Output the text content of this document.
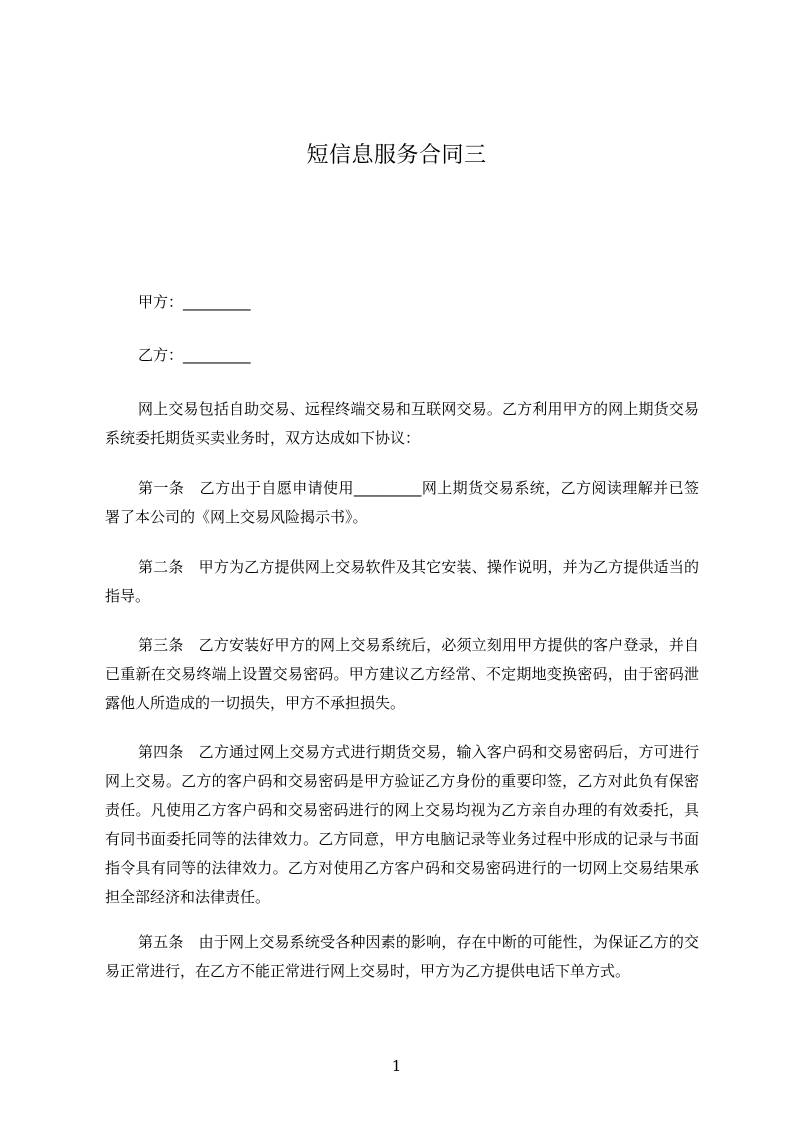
短信息服务合同三
甲方：_________
乙方：_________
网上交易包括自助交易、远程终端交易和互联网交易。乙方利用甲方的网上期货交易系统委托期货买卖业务时，双方达成如下协议：
第一条　乙方出于自愿申请使用_________网上期货交易系统，乙方阅读理解并已签署了本公司的《网上交易风险揭示书》。
第二条　甲方为乙方提供网上交易软件及其它安装、操作说明，并为乙方提供适当的指导。
第三条　乙方安装好甲方的网上交易系统后，必须立刻用甲方提供的客户登录，并自已重新在交易终端上设置交易密码。甲方建议乙方经常、不定期地变换密码，由于密码泄露他人所造成的一切损失，甲方不承担损失。
第四条　乙方通过网上交易方式进行期货交易，输入客户码和交易密码后，方可进行网上交易。乙方的客户码和交易密码是甲方验证乙方身份的重要印签，乙方对此负有保密责任。凡使用乙方客户码和交易密码进行的网上交易均视为乙方亲自办理的有效委托，具有同书面委托同等的法律效力。乙方同意，甲方电脑记录等业务过程中形成的记录与书面指令具有同等的法律效力。乙方对使用乙方客户码和交易密码进行的一切网上交易结果承担全部经济和法律责任。
第五条　由于网上交易系统受各种因素的影响，存在中断的可能性，为保证乙方的交易正常进行，在乙方不能正常进行网上交易时，甲方为乙方提供电话下单方式。
1
